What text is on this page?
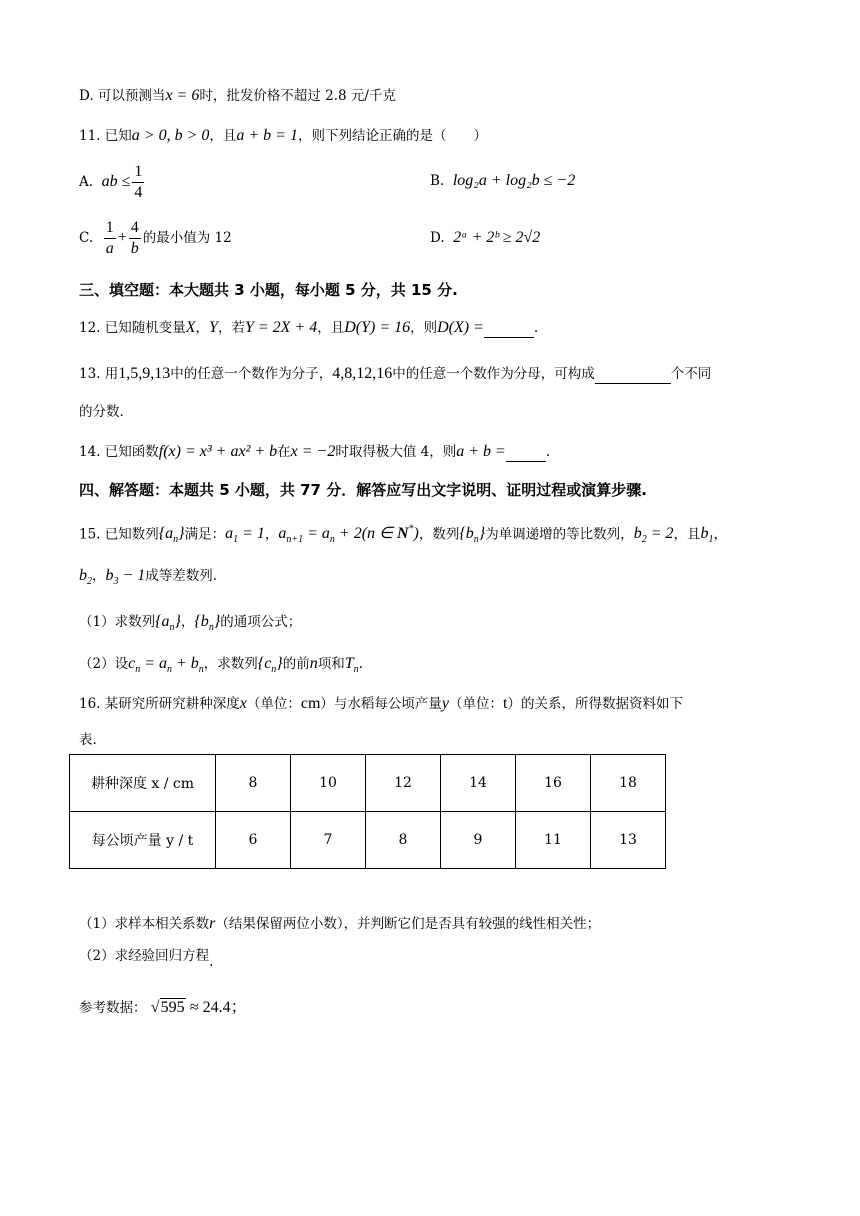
D. 可以预测当x = 6时，批发价格不超过 2.8 元/千克
11. 已知a > 0, b > 0，且a + b = 1，则下列结论正确的是（　　）
A.
ab ≤ $\frac{1}{4}$	B. log₂a + log₂b ≤ −2
C.
$\frac{1}{a} + \frac{4}{b}$ 的最小值为 12	D. 2ᵃ + 2ᵇ ≥ 2√2
三、填空题：本大题共 3 小题，每小题 5 分，共 15 分.
12. 已知随机变量X，Y，若Y = 2X + 4，且D(Y) = 16，则D(X) =	.
13. 用1,5,9,13中的任意一个数作为分子，4,8,12,16中的任意一个数作为分母，可构成	个不同
的分数.
14. 已知函数f(x) = x³ + ax² + b在x = −2时取得极大值 4，则a + b =	.
四、解答题：本题共 5 小题，共 77 分．解答应写出文字说明、证明过程或演算步骤.
15. 已知数列$\{a_n\}$满足：$a_1 = 1$，$a_{n+1} = a_n + 2(n$ ∈ N*)，数列$\{b_n\}$为单调递增的等比数列，$b_2 = 2$，且$b_1$，
$b_2$，$b_3 - 1$成等差数列.
（1）求数列$\{a_n\}$，$\{b_n\}$的通项公式；
（2）设$c_n = a_n + b_n$，求数列$\{c_n\}$的前n项和$T_n$.
16. 某研究所研究耕种深度x（单位：cm）与水稻每公顷产量y（单位：t）的关系，所得数据资料如下
表.
耕种深度 x / cm	8	10	12	14	16	18
每公顷产量 y / t	6	7	8	9	11	13
（1）求样本相关系数r（结果保留两位小数），并判断它们是否具有较强的线性相关性；
（2）求经验回归方程.
参考数据： √595 ≈ 24.4；
